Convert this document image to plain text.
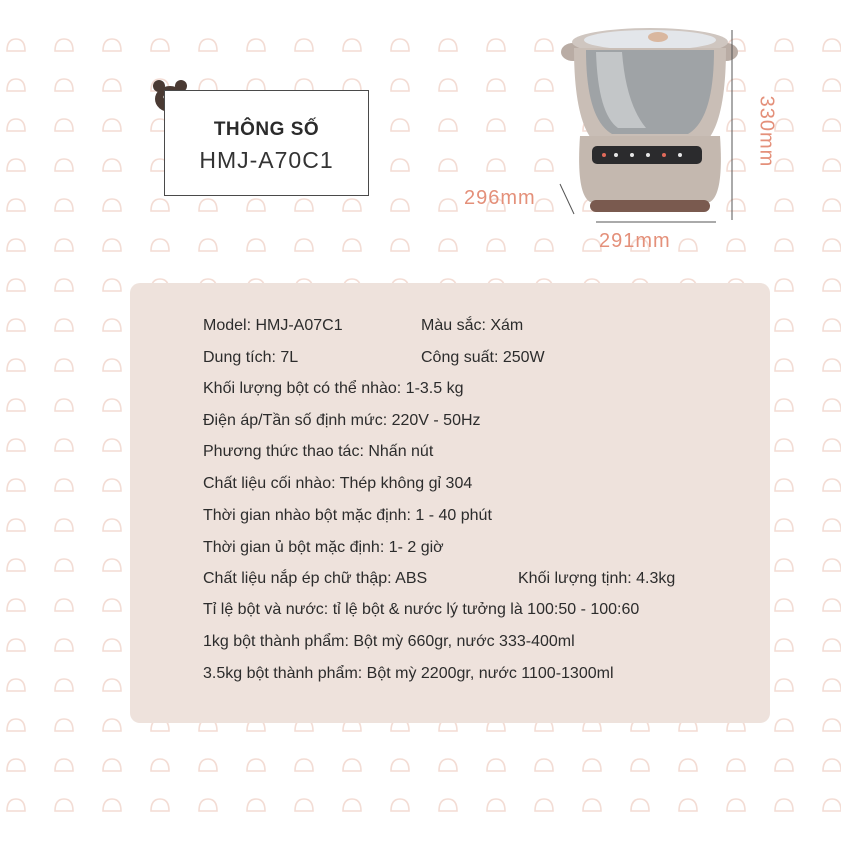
THÔNG SỐ
HMJ-A70C1	330mm
296mm
291mm
Model: HMJ-A07C1	Màu sắc: Xám
Dung tích: 7L	Công suất: 250W
Khối lượng bột có thể nhào: 1-3.5 kg
Điện áp/Tần số định mức: 220V - 50Hz
Phương thức thao tác: Nhấn nút
Chất liệu cối nhào: Thép không gỉ 304
Thời gian nhào bột mặc định: 1 - 40 phút
Thời gian ủ bột mặc định: 1- 2 giờ
Chất liệu nắp ép chữ thập: ABS	Khối lượng tịnh: 4.3kg
Tỉ lệ bột và nước: tỉ lệ bột & nước lý tưởng là 100:50 - 100:60
1kg bột thành phẩm: Bột mỳ 660gr, nước 333-400ml
3.5kg bột thành phẩm: Bột mỳ 2200gr, nước 1100-1300ml
